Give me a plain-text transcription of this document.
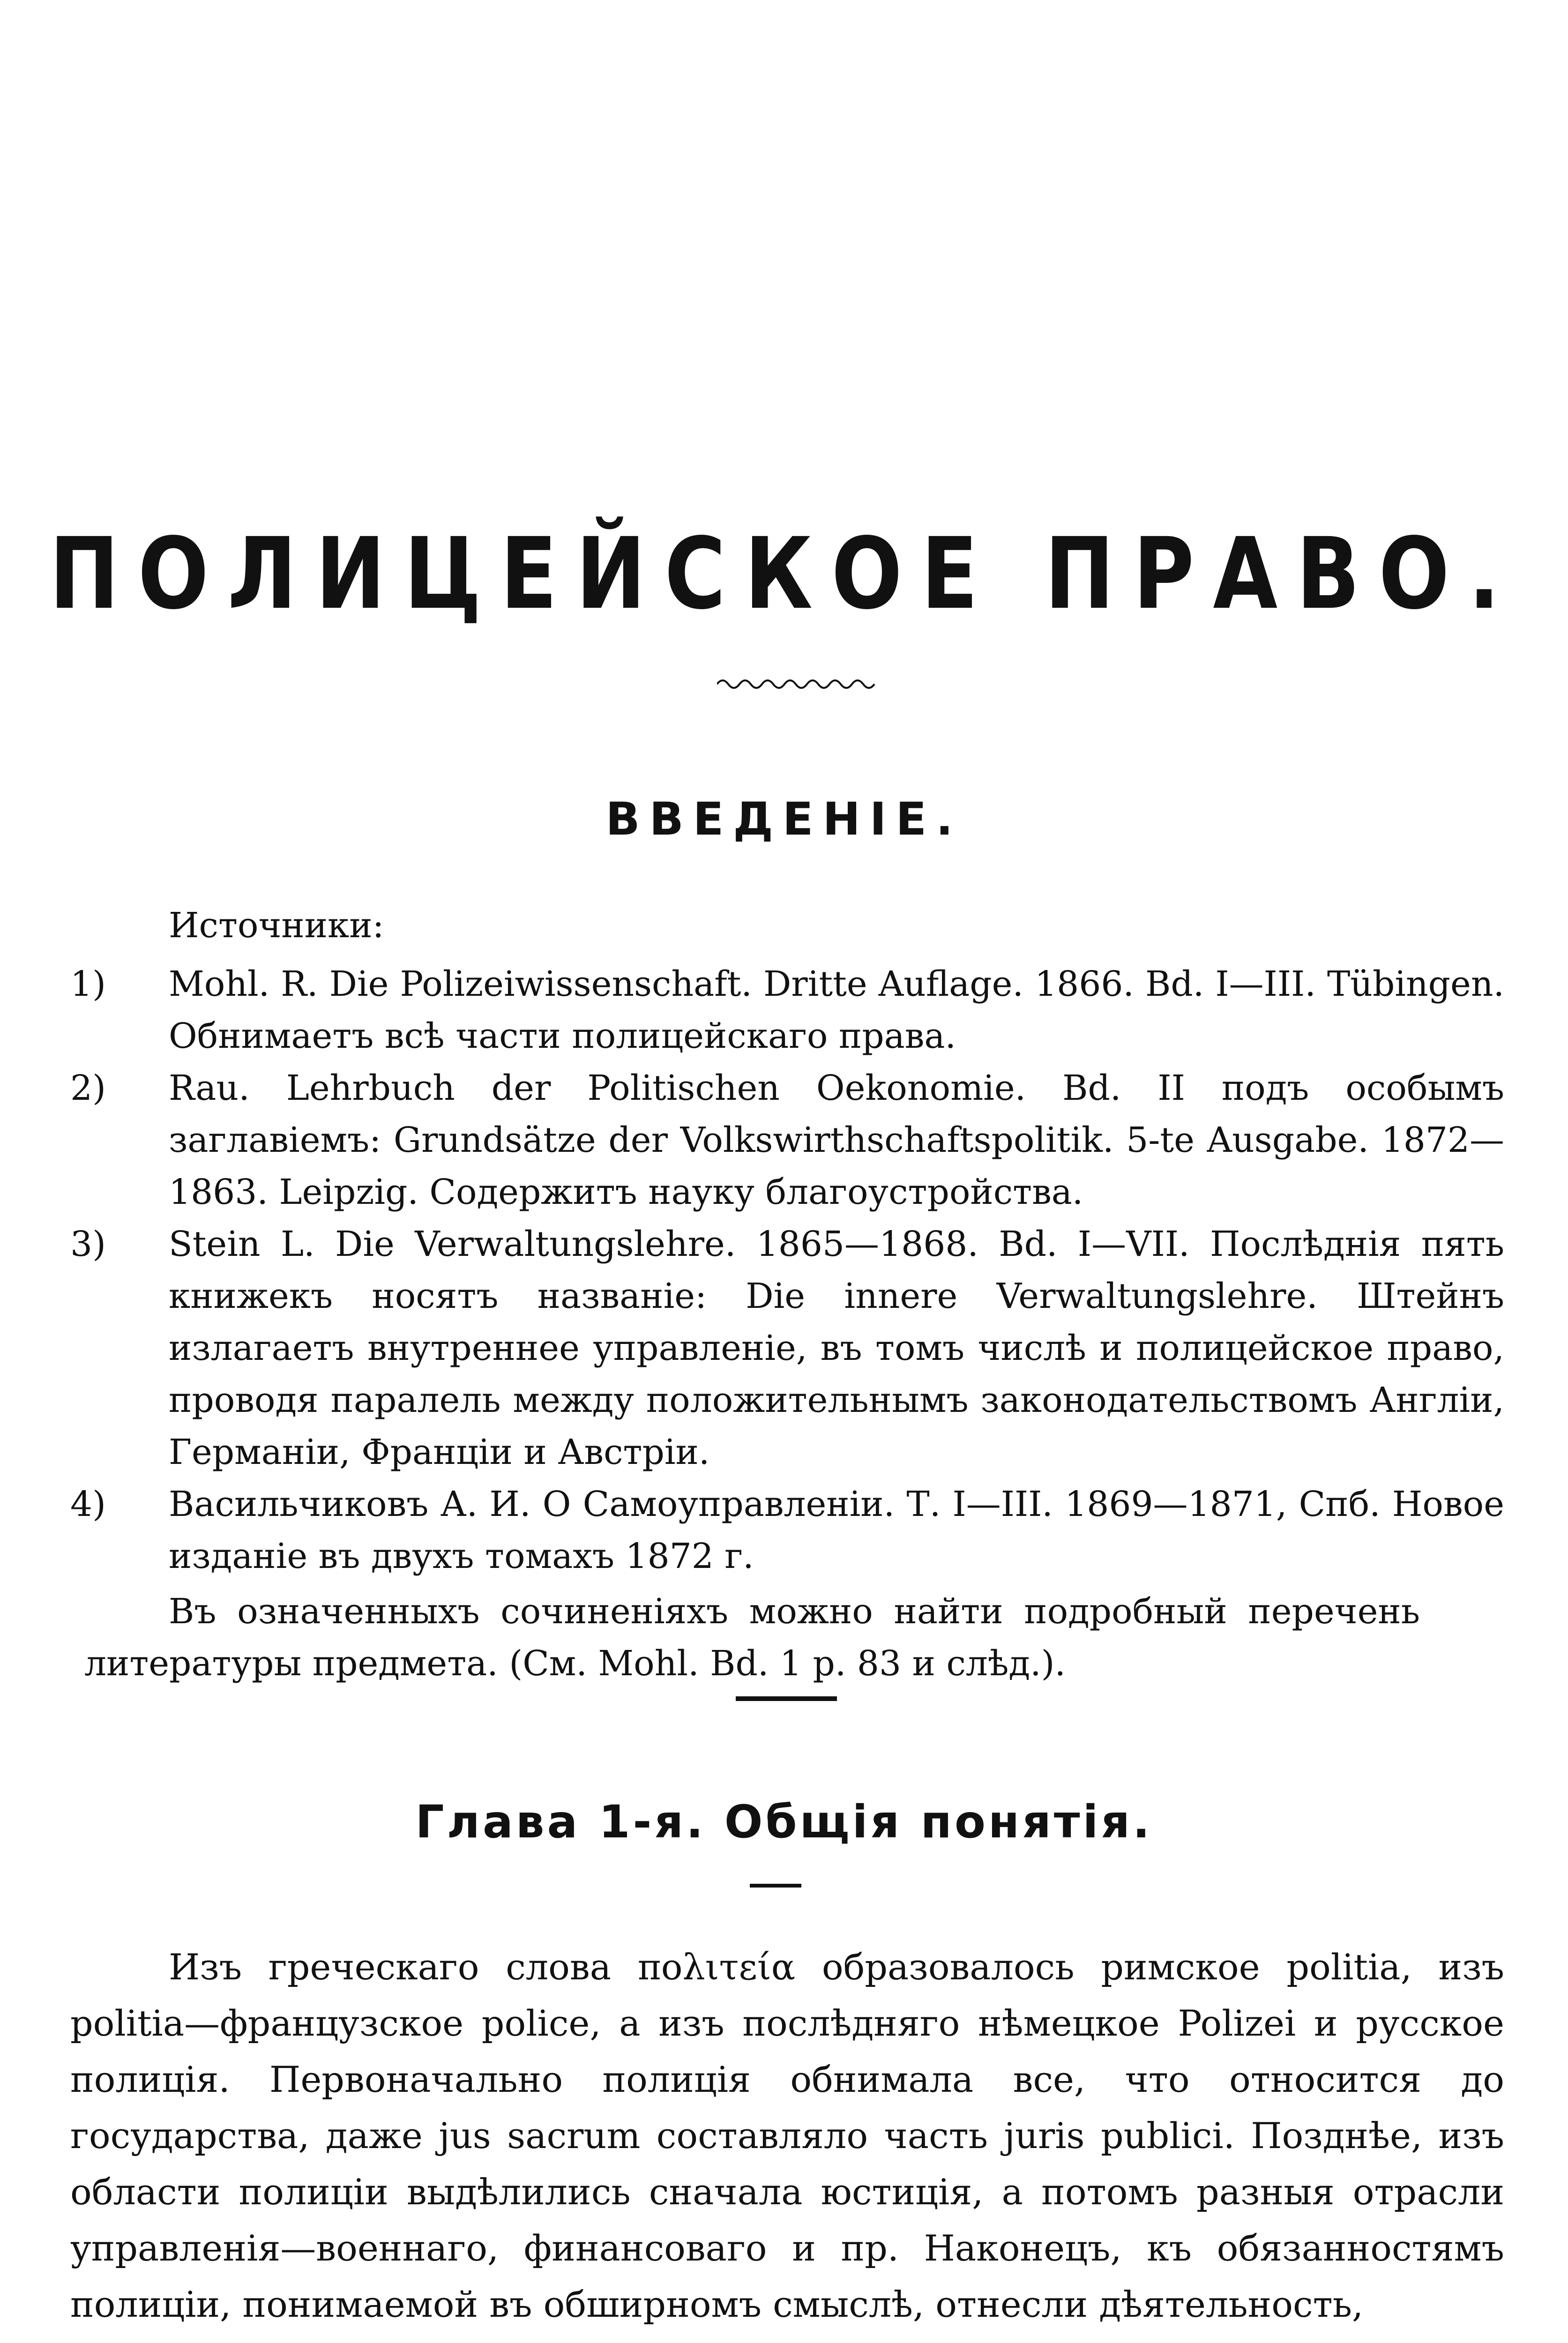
ПОЛИЦЕЙСКОЕ ПРАВО.
ВВЕДЕНІЕ.
Источники:
1)	Mohl. R. Die Polizeiwissenschaft. Dritte Auflage. 1866. Bd. I—III. Tübingen. Обнимаетъ всѣ части полицейскаго права.
2)	Rau. Lehrbuch der Politischen Oekonomie. Bd. II подъ особымъ заглавіемъ: Grundsätze der Volkswirthschaftspolitik. 5-te Ausgabe. 1872—1863. Leipzig. Содержитъ науку благоустройства.
3)	Stein L. Die Verwaltungslehre. 1865—1868. Bd. I—VII. Послѣднія пять книжекъ носятъ названіе: Die innere Verwaltungslehre. Штейнъ излагаетъ внутреннее управленіе, въ томъ числѣ и полицейское право, проводя паралель между положительнымъ законодательствомъ Англіи, Германіи, Франціи и Австріи.
4)	Васильчиковъ А. И. О Самоуправленіи. Т. I—III. 1869—1871, Спб. Новое изданіе въ двухъ томахъ 1872 г.

Въ означенныхъ сочиненіяхъ можно найти подробный перечень литературы предмета. (См. Mohl. Bd. 1 p. 83 и слѣд.).

Глава 1-я. Общія понятія.

Изъ греческаго слова πολιτεία образовалось римское politia, изъ politia—французское police, а изъ послѣдняго нѣмецкое Polizei и русское полиція. Первоначально полиція обнимала все, что относится до государства, даже jus sacrum составляло часть juris publici. Позднѣе, изъ области полиціи выдѣлились сначала юстиція, а потомъ разныя отрасли управленія—военнаго, финансоваго и пр. Наконецъ, къ обязанностямъ полиціи, понимаемой въ обширномъ смыслѣ, отнесли дѣятельность,
